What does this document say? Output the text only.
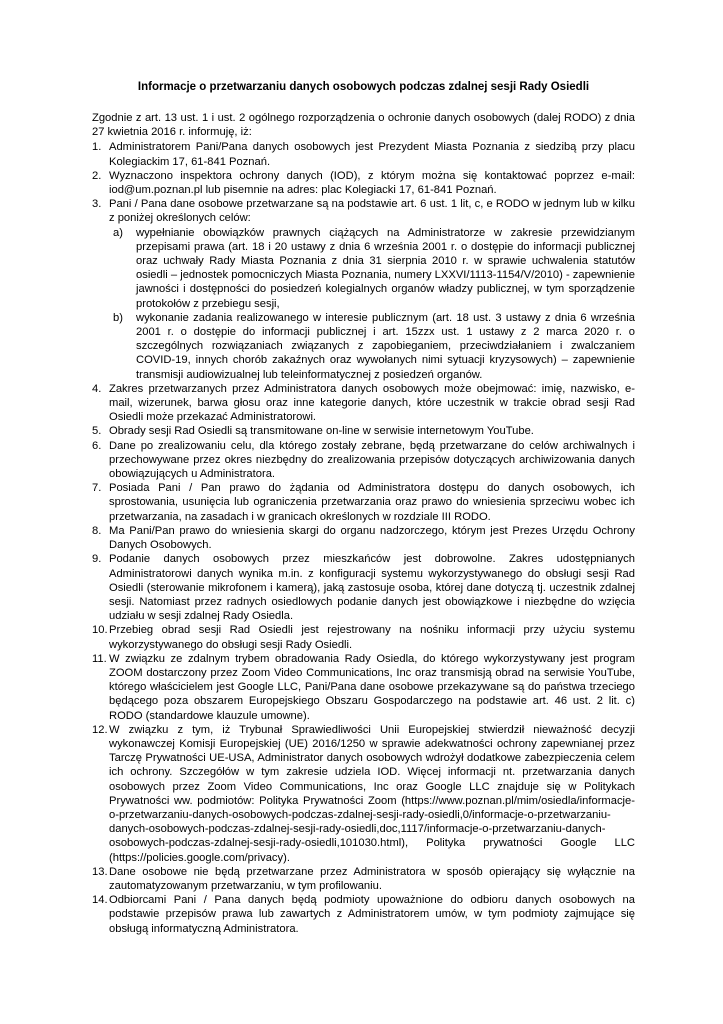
Informacje o przetwarzaniu danych osobowych podczas zdalnej sesji Rady Osiedli

Zgodnie z art. 13 ust. 1 i ust. 2 ogólnego rozporządzenia o ochronie danych osobowych (dalej RODO) z dnia 27 kwietnia 2016 r. informuję, iż:

1. Administratorem Pani/Pana danych osobowych jest Prezydent Miasta Poznania z siedzibą przy placu Kolegiackim 17, 61-841 Poznań.

2. Wyznaczono inspektora ochrony danych (IOD), z którym można się kontaktować poprzez e-mail: iod@um.poznan.pl lub pisemnie na adres: plac Kolegiacki 17, 61-841 Poznań.

3. Pani / Pana dane osobowe przetwarzane są na podstawie art. 6 ust. 1 lit, c, e RODO w jednym lub w kilku z poniżej określonych celów:

a) wypełnianie obowiązków prawnych ciążących na Administratorze w zakresie przewidzianym przepisami prawa (art. 18 i 20 ustawy z dnia 6 września 2001 r. o dostępie do informacji publicznej oraz uchwały Rady Miasta Poznania z dnia 31 sierpnia 2010 r. w sprawie uchwalenia statutów osiedli – jednostek pomocniczych Miasta Poznania, numery LXXVI/1113-1154/V/2010) - zapewnienie jawności i dostępności do posiedzeń kolegialnych organów władzy publicznej, w tym sporządzenie protokołów z przebiegu sesji,

b) wykonanie zadania realizowanego w interesie publicznym (art. 18 ust. 3 ustawy z dnia 6 września 2001 r. o dostępie do informacji publicznej i art. 15zzx ust. 1 ustawy z 2 marca 2020 r. o szczególnych rozwiązaniach związanych z zapobieganiem, przeciwdziałaniem i zwalczaniem COVID-19, innych chorób zakaźnych oraz wywołanych nimi sytuacji kryzysowych) – zapewnienie transmisji audiowizualnej lub teleinformatycznej z posiedzeń organów.

4. Zakres przetwarzanych przez Administratora danych osobowych może obejmować: imię, nazwisko, e-mail, wizerunek, barwa głosu oraz inne kategorie danych, które uczestnik w trakcie obrad sesji Rad Osiedli może przekazać Administratorowi.

5. Obrady sesji Rad Osiedli są transmitowane on-line w serwisie internetowym YouTube.

6. Dane po zrealizowaniu celu, dla którego zostały zebrane, będą przetwarzane do celów archiwalnych i przechowywane przez okres niezbędny do zrealizowania przepisów dotyczących archiwizowania danych obowiązujących u Administratora.

7. Posiada Pani / Pan prawo do żądania od Administratora dostępu do danych osobowych, ich sprostowania, usunięcia lub ograniczenia przetwarzania oraz prawo do wniesienia sprzeciwu wobec ich przetwarzania, na zasadach i w granicach określonych w rozdziale III RODO.

8. Ma Pani/Pan prawo do wniesienia skargi do organu nadzorczego, którym jest Prezes Urzędu Ochrony Danych Osobowych.

9. Podanie danych osobowych przez mieszkańców jest dobrowolne. Zakres udostępnianych Administratorowi danych wynika m.in. z konfiguracji systemu wykorzystywanego do obsługi sesji Rad Osiedli (sterowanie mikrofonem i kamerą), jaką zastosuje osoba, której dane dotyczą tj. uczestnik zdalnej sesji. Natomiast przez radnych osiedlowych podanie danych jest obowiązkowe i niezbędne do wzięcia udziału w sesji zdalnej Rady Osiedla.

10. Przebieg obrad sesji Rad Osiedli jest rejestrowany na nośniku informacji przy użyciu systemu wykorzystywanego do obsługi sesji Rady Osiedli.

11. W związku ze zdalnym trybem obradowania Rady Osiedla, do którego wykorzystywany jest program ZOOM dostarczony przez Zoom Video Communications, Inc oraz transmisją obrad na serwisie YouTube, którego właścicielem jest Google LLC, Pani/Pana dane osobowe przekazywane są do państwa trzeciego będącego poza obszarem Europejskiego Obszaru Gospodarczego na podstawie art. 46 ust. 2 lit. c) RODO (standardowe klauzule umowne).

12. W związku z tym, iż Trybunał Sprawiedliwości Unii Europejskiej stwierdził nieważność decyzji wykonawczej Komisji Europejskiej (UE) 2016/1250 w sprawie adekwatności ochrony zapewnianej przez Tarczę Prywatności UE-USA, Administrator danych osobowych wdrożył dodatkowe zabezpieczenia celem ich ochrony. Szczegółów w tym zakresie udziela IOD. Więcej informacji nt. przetwarzania danych osobowych przez Zoom Video Communications, Inc oraz Google LLC znajduje się w Politykach Prywatności ww. podmiotów: Polityka Prywatności Zoom (https://www.poznan.pl/mim/osiedla/informacje-o-przetwarzaniu-danych-osobowych-podczas-zdalnej-sesji-rady-osiedli,0/informacje-o-przetwarzaniu-danych-osobowych-podczas-zdalnej-sesji-rady-osiedli,doc,1117/informacje-o-przetwarzaniu-danych-osobowych-podczas-zdalnej-sesji-rady-osiedli,101030.html), Polityka prywatności Google LLC (https://policies.google.com/privacy).

13. Dane osobowe nie będą przetwarzane przez Administratora w sposób opierający się wyłącznie na zautomatyzowanym przetwarzaniu, w tym profilowaniu.

14. Odbiorcami Pani / Pana danych będą podmioty upoważnione do odbioru danych osobowych na podstawie przepisów prawa lub zawartych z Administratorem umów, w tym podmioty zajmujące się obsługą informatyczną Administratora.
